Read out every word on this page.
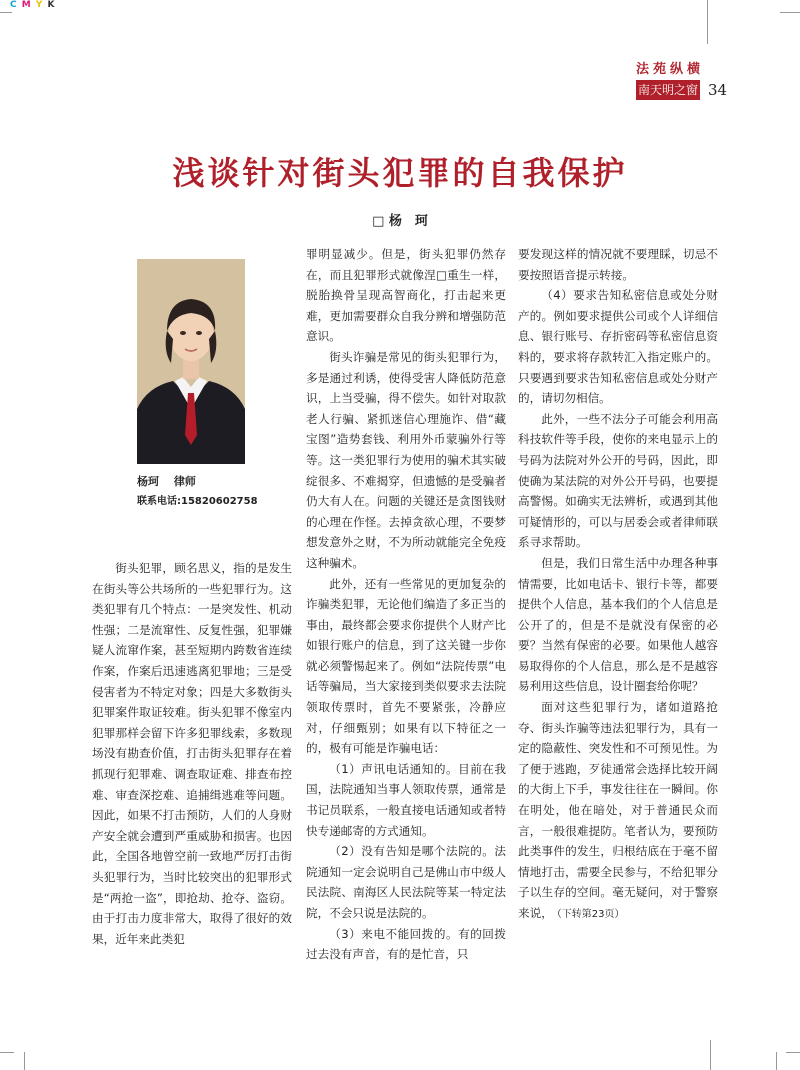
C M Y K
法苑纵横
南天明之窗 34
浅谈针对街头犯罪的自我保护
□ 杨　珂
杨珂　 律师
联系电话:15820602758

街头犯罪，顾名思义，指的是发生在街头等公共场所的一些犯罪行为。这类犯罪有几个特点：一是突发性、机动性强；二是流窜性、反复性强，犯罪嫌疑人流窜作案，甚至短期内跨数省连续作案，作案后迅速逃离犯罪地；三是受侵害者为不特定对象；四是大多数街头犯罪案件取证较难。街头犯罪不像室内犯罪那样会留下许多犯罪线索，多数现场没有勘查价值，打击街头犯罪存在着抓现行犯罪难、调查取证难、排查布控难、审查深挖难、追捕缉逃难等问题。因此，如果不打击预防，人们的人身财产安全就会遭到严重威胁和损害。也因此，全国各地曾空前一致地严厉打击街头犯罪行为，当时比较突出的犯罪形式是“两抢一盗”，即抢劫、抢夺、盗窃。由于打击力度非常大，取得了很好的效果，近年来此类犯

罪明显减少。但是，街头犯罪仍然存在，而且犯罪形式就像涅□重生一样，脱胎换骨呈现高智商化，打击起来更难，更加需要群众自我分辨和增强防范意识。

街头诈骗是常见的街头犯罪行为，多是通过利诱，使得受害人降低防范意识，上当受骗，得不偿失。如针对取款老人行骗、紧抓迷信心理施诈、借“藏宝图”造势套钱、利用外币蒙骗外行等等。这一类犯罪行为使用的骗术其实破绽很多、不难揭穿，但遗憾的是受骗者仍大有人在。问题的关键还是贪图钱财的心理在作怪。去掉贪欲心理，不要梦想发意外之财，不为所动就能完全免疫这种骗术。

此外，还有一些常见的更加复杂的诈骗类犯罪，无论他们编造了多正当的事由，最终都会要求你提供个人财产比如银行账户的信息，到了这关键一步你就必须警惕起来了。例如“法院传票”电话等骗局，当大家接到类似要求去法院领取传票时，首先不要紧张，冷静应对，仔细甄别；如果有以下特征之一的，极有可能是诈骗电话：

（1）声讯电话通知的。目前在我国，法院通知当事人领取传票，通常是书记员联系，一般直接电话通知或者特快专递邮寄的方式通知。

（2）没有告知是哪个法院的。法院通知一定会说明自己是佛山市中级人民法院、南海区人民法院等某一特定法院，不会只说是法院的。

（3）来电不能回拨的。有的回拨过去没有声音，有的是忙音，只

要发现这样的情况就不要理睬，切忌不要按照语音提示转接。

（4）要求告知私密信息或处分财产的。例如要求提供公司或个人详细信息、银行账号、存折密码等私密信息资料的，要求将存款转汇入指定账户的。只要遇到要求告知私密信息或处分财产的，请切勿相信。

此外，一些不法分子可能会利用高科技软件等手段，使你的来电显示上的号码为法院对外公开的号码，因此，即使确为某法院的对外公开号码，也要提高警惕。如确实无法辨析，或遇到其他可疑情形的，可以与居委会或者律师联系寻求帮助。

但是，我们日常生活中办理各种事情需要，比如电话卡、银行卡等，都要提供个人信息，基本我们的个人信息是公开了的，但是不是就没有保密的必要？当然有保密的必要。如果他人越容易取得你的个人信息，那么是不是越容易利用这些信息，设计圈套给你呢？

面对这些犯罪行为，诸如道路抢夺、街头诈骗等违法犯罪行为，具有一定的隐蔽性、突发性和不可预见性。为了便于逃跑，歹徒通常会选择比较开阔的大街上下手，事发往往在一瞬间。你在明处，他在暗处，对于普通民众而言，一般很难提防。笔者认为，要预防此类事件的发生，归根结底在于毫不留情地打击，需要全民参与，不给犯罪分子以生存的空间。毫无疑问，对于警察来说， （下转第23页）
